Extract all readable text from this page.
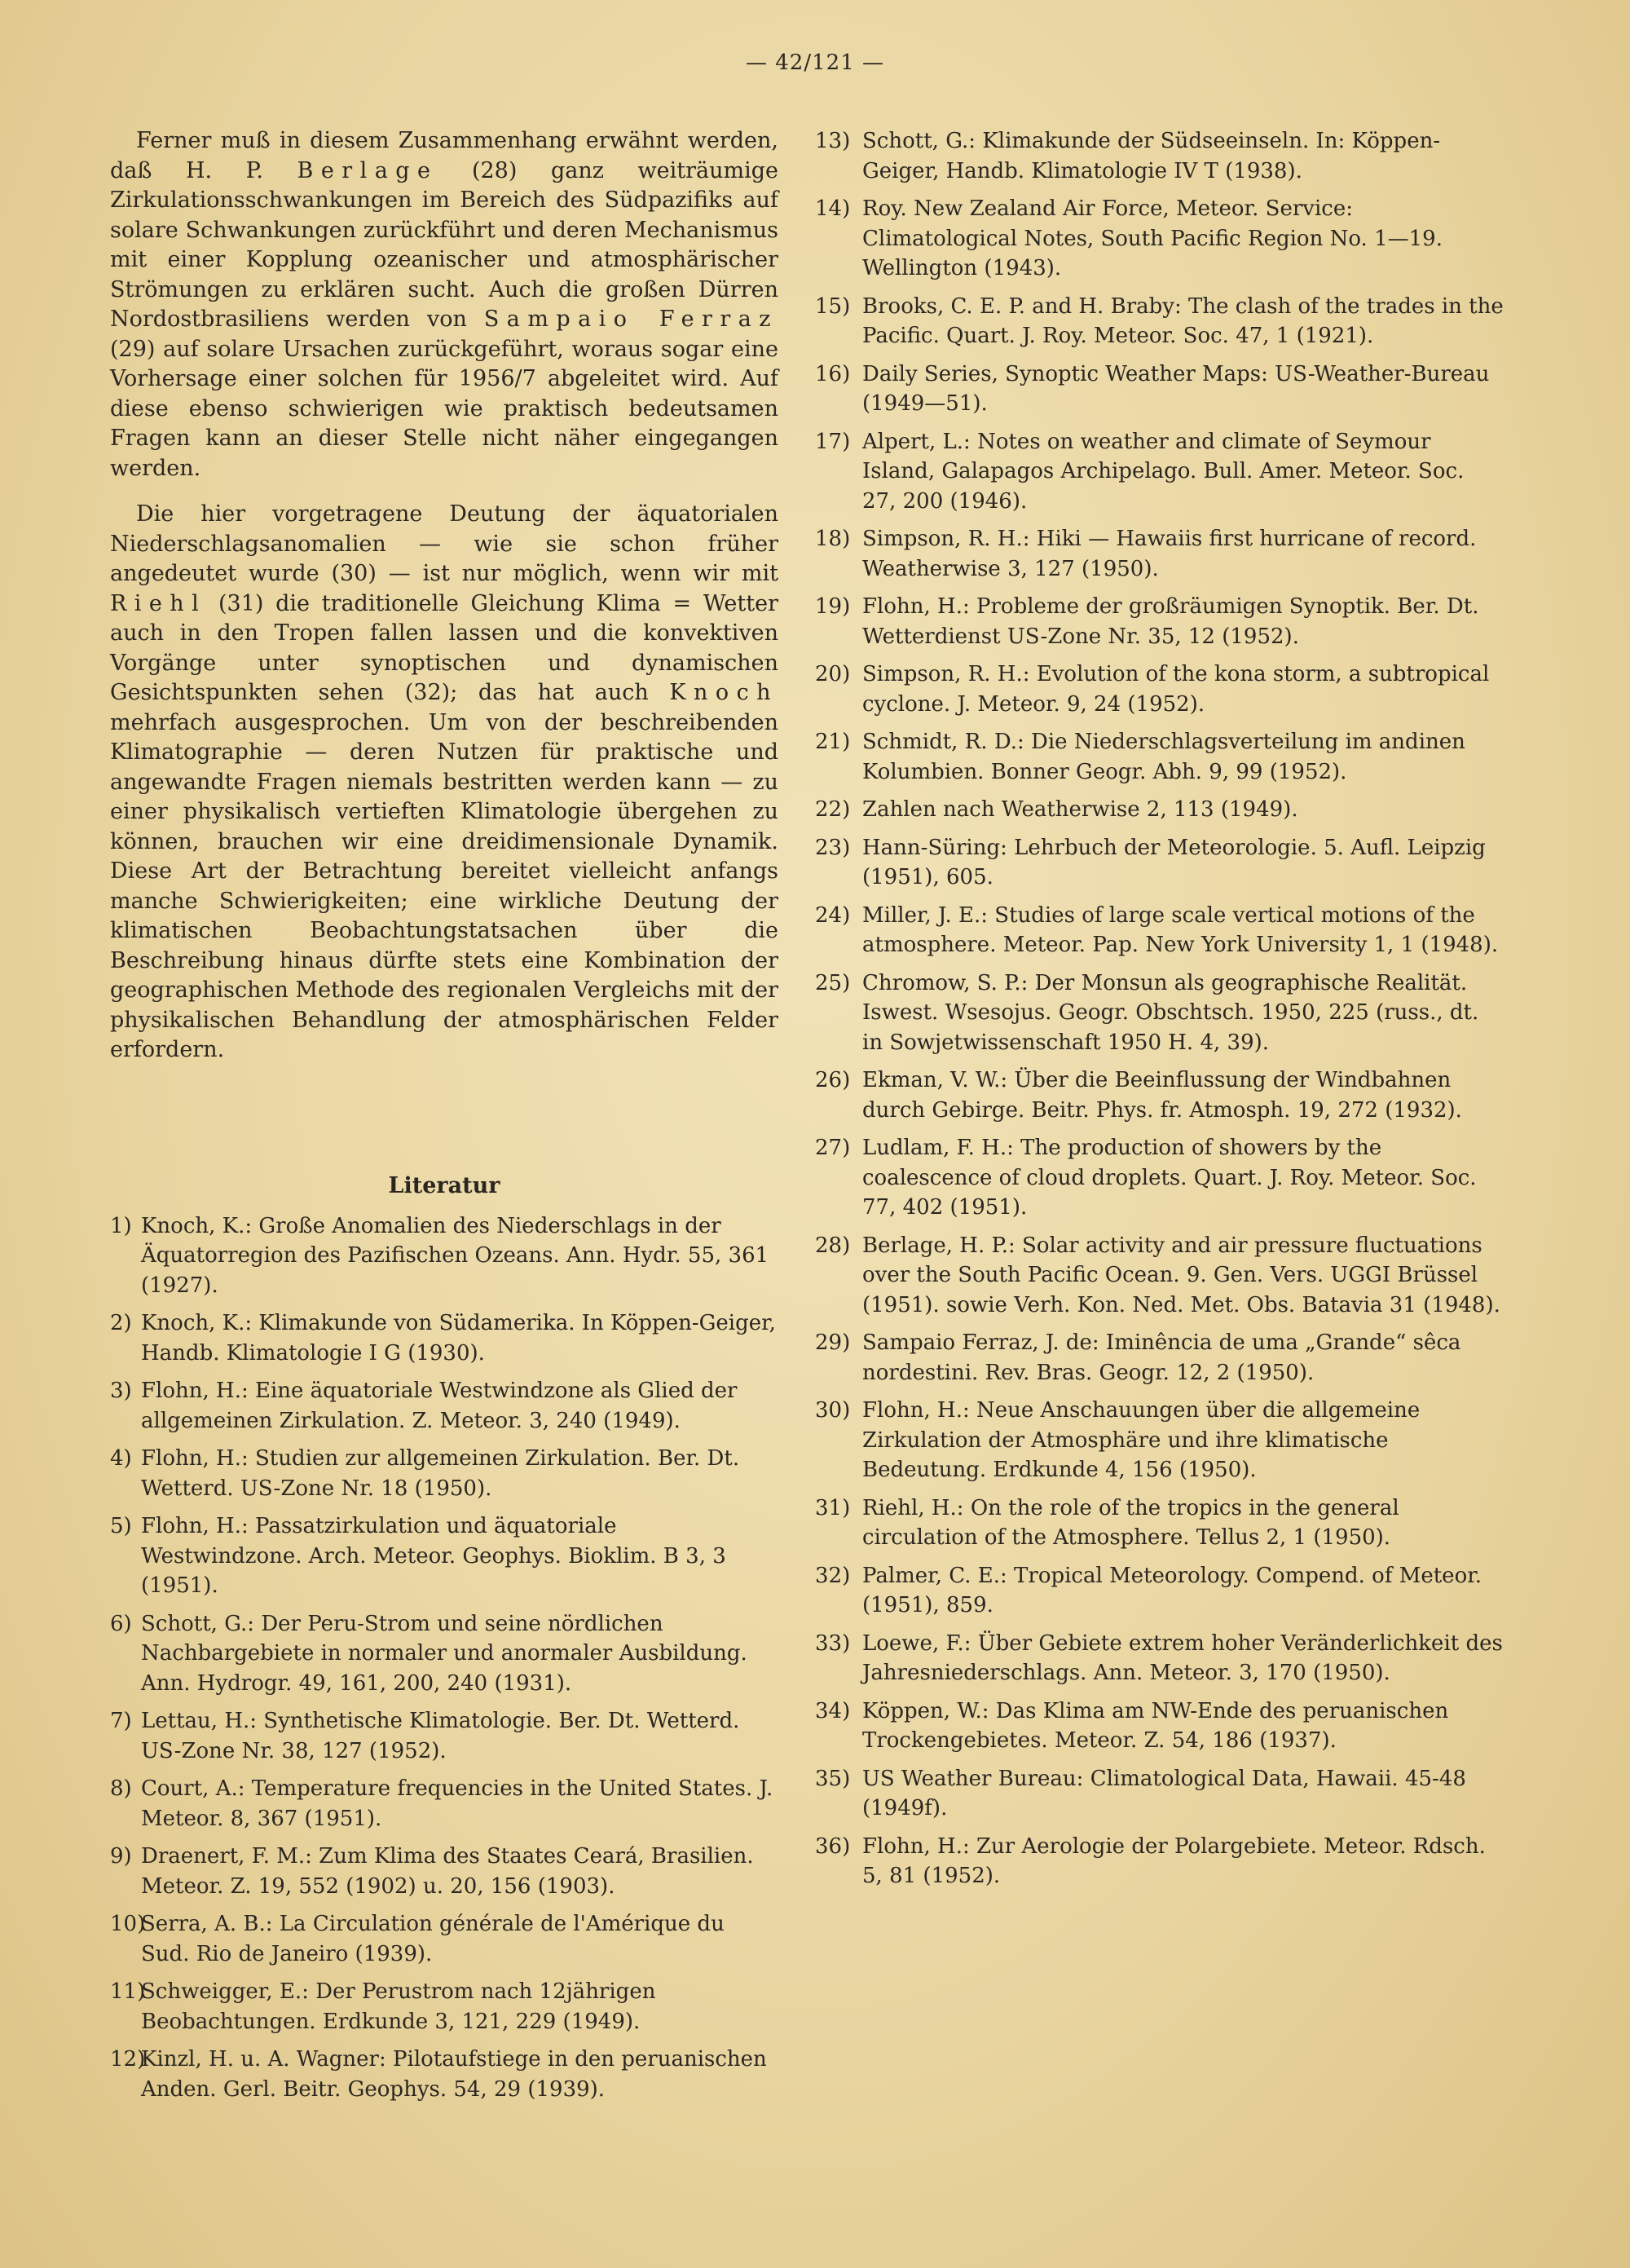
— 42/121 —

Ferner muß in diesem Zusammenhang erwähnt werden, daß H. P. Berlage (28) ganz weiträumige Zirkulationsschwankungen im Bereich des Südpazifiks auf solare Schwankungen zurückführt und deren Mechanismus mit einer Kopplung ozeanischer und atmosphärischer Strömungen zu erklären sucht. Auch die großen Dürren Nordostbrasiliens werden von Sampaio Ferraz (29) auf solare Ursachen zurückgeführt, woraus sogar eine Vorhersage einer solchen für 1956/7 abgeleitet wird. Auf diese ebenso schwierigen wie praktisch bedeutsamen Fragen kann an dieser Stelle nicht näher eingegangen werden.

Die hier vorgetragene Deutung der äquatorialen Niederschlagsanomalien — wie sie schon früher angedeutet wurde (30) — ist nur möglich, wenn wir mit Riehl (31) die traditionelle Gleichung Klima = Wetter auch in den Tropen fallen lassen und die konvektiven Vorgänge unter synoptischen und dynamischen Gesichtspunkten sehen (32); das hat auch Knoch mehrfach ausgesprochen. Um von der beschreibenden Klimatographie — deren Nutzen für praktische und angewandte Fragen niemals bestritten werden kann — zu einer physikalisch vertieften Klimatologie übergehen zu können, brauchen wir eine dreidimensionale Dynamik. Diese Art der Betrachtung bereitet vielleicht anfangs manche Schwierigkeiten; eine wirkliche Deutung der klimatischen Beobachtungstatsachen über die Beschreibung hinaus dürfte stets eine Kombination der geographischen Methode des regionalen Vergleichs mit der physikalischen Behandlung der atmosphärischen Felder erfordern.

Literatur
1) Knoch, K.: Große Anomalien des Niederschlags in der Äquatorregion des Pazifischen Ozeans. Ann. Hydr. 55, 361 (1927).
2) Knoch, K.: Klimakunde von Südamerika. In Köppen-Geiger, Handb. Klimatologie I G (1930).
3) Flohn, H.: Eine äquatoriale Westwindzone als Glied der allgemeinen Zirkulation. Z. Meteor. 3, 240 (1949).
4) Flohn, H.: Studien zur allgemeinen Zirkulation. Ber. Dt. Wetterd. US-Zone Nr. 18 (1950).
5) Flohn, H.: Passatzirkulation und äquatoriale Westwindzone. Arch. Meteor. Geophys. Bioklim. B 3, 3 (1951).
6) Schott, G.: Der Peru-Strom und seine nördlichen Nachbargebiete in normaler und anormaler Ausbildung. Ann. Hydrogr. 49, 161, 200, 240 (1931).
7) Lettau, H.: Synthetische Klimatologie. Ber. Dt. Wetterd. US-Zone Nr. 38, 127 (1952).
8) Court, A.: Temperature frequencies in the United States. J. Meteor. 8, 367 (1951).
9) Draenert, F. M.: Zum Klima des Staates Ceará, Brasilien. Meteor. Z. 19, 552 (1902) u. 20, 156 (1903).
10)
Serra, A. B.: La Circulation générale de l'Amérique du Sud. Rio de Janeiro (1939).
11)
Schweigger, E.: Der Perustrom nach 12jährigen Beobachtungen. Erdkunde 3, 121, 229 (1949).
12)
Kinzl, H. u. A. Wagner: Pilotaufstiege in den peruanischen Anden. Gerl. Beitr. Geophys. 54, 29 (1939).
13) Schott, G.: Klimakunde der Südseeinseln. In: Köppen-Geiger, Handb. Klimatologie IV T (1938).
14) Roy. New Zealand Air Force, Meteor. Service: Climatological Notes, South Pacific Region No. 1—19. Wellington (1943).
15) Brooks, C. E. P. and H. Braby: The clash of the trades in the Pacific. Quart. J. Roy. Meteor. Soc. 47, 1 (1921).
16) Daily Series, Synoptic Weather Maps: US-Weather-Bureau (1949—51).
17) Alpert, L.: Notes on weather and climate of Seymour Island, Galapagos Archipelago. Bull. Amer. Meteor. Soc. 27, 200 (1946).
18) Simpson, R. H.: Hiki — Hawaiis first hurricane of record. Weatherwise 3, 127 (1950).
19) Flohn, H.: Probleme der großräumigen Synoptik. Ber. Dt. Wetterdienst US-Zone Nr. 35, 12 (1952).
20) Simpson, R. H.: Evolution of the kona storm, a subtropical cyclone. J. Meteor. 9, 24 (1952).
21) Schmidt, R. D.: Die Niederschlagsverteilung im andinen Kolumbien. Bonner Geogr. Abh. 9, 99 (1952).
22) Zahlen nach Weatherwise 2, 113 (1949).
23) Hann-Süring: Lehrbuch der Meteorologie. 5. Aufl. Leipzig (1951), 605.
24) Miller, J. E.: Studies of large scale vertical motions of the atmosphere. Meteor. Pap. New York University 1, 1 (1948).
25) Chromow, S. P.: Der Monsun als geographische Realität. Iswest. Wsesojus. Geogr. Obschtsch. 1950, 225 (russ., dt. in Sowjetwissenschaft 1950 H. 4, 39).
26) Ekman, V. W.: Über die Beeinflussung der Windbahnen durch Gebirge. Beitr. Phys. fr. Atmosph. 19, 272 (1932).
27) Ludlam, F. H.: The production of showers by the coalescence of cloud droplets. Quart. J. Roy. Meteor. Soc. 77, 402 (1951).
28) Berlage, H. P.: Solar activity and air pressure fluctuations over the South Pacific Ocean. 9. Gen. Vers. UGGI Brüssel (1951). sowie Verh. Kon. Ned. Met. Obs. Batavia 31 (1948).
29) Sampaio Ferraz, J. de: Iminência de uma „Grande“ sêca nordestini. Rev. Bras. Geogr. 12, 2 (1950).
30) Flohn, H.: Neue Anschauungen über die allgemeine Zirkulation der Atmosphäre und ihre klimatische Bedeutung. Erdkunde 4, 156 (1950).
31) Riehl, H.: On the role of the tropics in the general circulation of the Atmosphere. Tellus 2, 1 (1950).
32) Palmer, C. E.: Tropical Meteorology. Compend. of Meteor. (1951), 859.
33) Loewe, F.: Über Gebiete extrem hoher Veränderlichkeit des Jahresniederschlags. Ann. Meteor. 3, 170 (1950).
34) Köppen, W.: Das Klima am NW-Ende des peruanischen Trockengebietes. Meteor. Z. 54, 186 (1937).
35) US Weather Bureau: Climatological Data, Hawaii. 45-48 (1949f).
36) Flohn, H.: Zur Aerologie der Polargebiete. Meteor. Rdsch. 5, 81 (1952).
